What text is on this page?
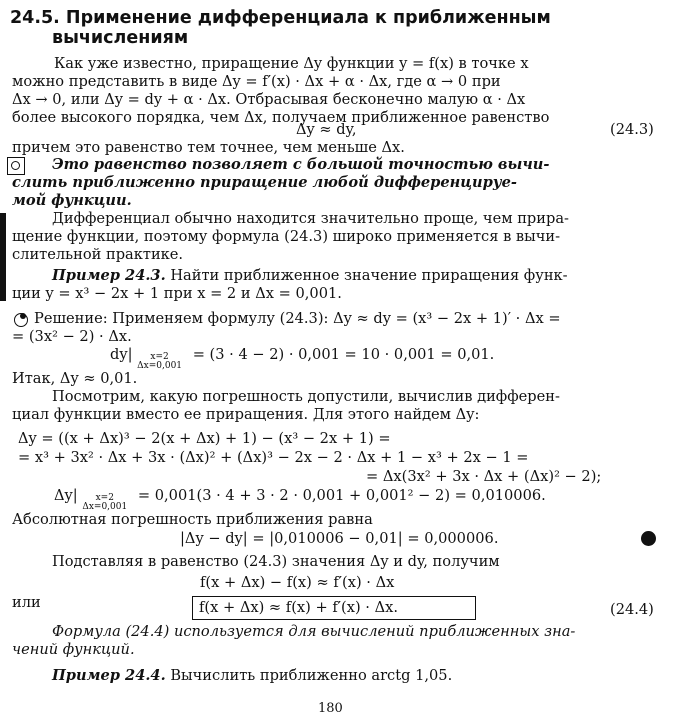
24.5. Применение дифференциала к приближенным
вычислениям
Как уже известно, приращение Δy функции y = f(x) в точке x
можно представить в виде Δy = f′(x) · Δx + α · Δx, где α → 0 при
Δx → 0, или Δy = dy + α · Δx. Отбрасывая бесконечно малую α · Δx
более высокого порядка, чем Δx, получаем приближенное равенство
Δy ≈ dy,	(24.3)
причем это равенство тем точнее, чем меньше Δx.
Это равенство позволяет с большой точностью вычи-
слить приближенно приращение любой дифференцируе-
мой функции.
Дифференциал обычно находится значительно проще, чем прира-
щение функции, поэтому формула (24.3) широко применяется в вычи-
слительной практике.
Пример 24.3. Найти приближенное значение приращения функ-
ции y = x³ − 2x + 1 при x = 2 и Δx = 0,001.
Решение: Применяем формулу (24.3): Δy ≈ dy = (x³ − 2x + 1)′ · Δx =
= (3x² − 2) · Δx.
dy|	x=2
Δx=0,001
= (3 · 4 − 2) · 0,001 = 10 · 0,001 = 0,01.
Итак, Δy ≈ 0,01.
Посмотрим, какую погрешность допустили, вычислив дифферен-
циал функции вместо ее приращения. Для этого найдем Δy:
Δy = ((x + Δx)³ − 2(x + Δx) + 1) − (x³ − 2x + 1) =
= x³ + 3x² · Δx + 3x · (Δx)² + (Δx)³ − 2x − 2 · Δx + 1 − x³ + 2x − 1 =
= Δx(3x² + 3x · Δx + (Δx)² − 2);
Δy|	x=2
Δx=0,001
= 0,001(3 · 4 + 3 · 2 · 0,001 + 0,001² − 2) = 0,010006.
Абсолютная погрешность приближения равна
|Δy − dy| = |0,010006 − 0,01| = 0,000006.
Подставляя в равенство (24.3) значения Δy и dy, получим
f(x + Δx) − f(x) ≈ f′(x) · Δx
или	f(x + Δx) ≈ f(x) + f′(x) · Δx.	(24.4)
Формула (24.4) используется для вычислений приближенных зна-
чений функций.
Пример 24.4. Вычислить приближенно arctg 1,05.
180
